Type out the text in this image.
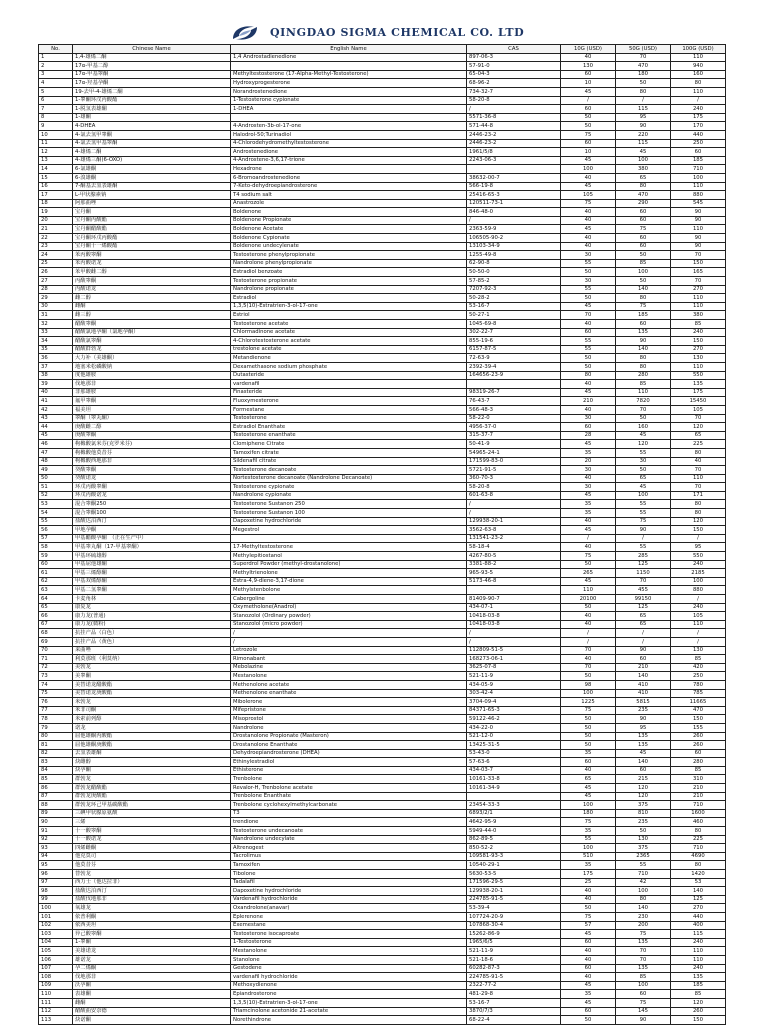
QINGDAO SIGMA CHEMICAL CO. LTD
No.	Chinese Name	English Name	CAS	10G (USD)	50G (USD)	100G (USD)
1	1,4-雄烯二酮	1,4 Androstadienedione	897-06-3	40	70	110
2	17α-甲基二醇		57-91-0	130	470	940
3	17α-甲基睾酮	Methyltestosterone (17-Alpha-Methyl-Testosterone)	65-04-3	60	180	160
4	17α-羟基孕酮	Hydroxyprogesterone	68-96-2	10	50	80
5	19-去甲-4-雄烯二酮	Norandrostenedione	734-32-7	45	80	110
6	1-睾酮环戊丙酸酯	1-Testosterone cypionate	58-20-8	/	/	/
7	1-脱氢表雄酮	1-DHEA	/	60	115	240
8	1-雄酮		5571-36-8	50	95	175
9	4-DHEA	4-Androsten-3b-ol-17-one	571-44-8	50	90	170
10	4-氯去氢甲睾酮	Halodrol-50;Turinadiol	2446-23-2	75	220	440
11	4-氯去氢甲基睾酮	4-Chlorodehydromethyltestosterone	2446-23-2	60	115	250
12	4-雄烯二酮	Androstenedione	1961/5/8	10	45	60
13	4-雄烯三酮(6-OXO)	4-Androstene-3,6,17-trione	2243-06-3	45	100	185
14	6-氯雄酮	Hexadrone		100	380	710
15	6-溴雄酮	6-Bromoandrostenedione	38632-00-7	40	65	100
16	7-酮基去氢表雄酮	7-Keto-dehydroepiandrosterone	566-19-8	45	80	110
17	L-甲状腺素钠	T4 sodium salt	25416-65-3	105	470	880
18	阿那曲唑	Anastrozole	120511-73-1	75	290	545
19	宝丹酮	Boldenone	846-48-0	40	60	90
20	宝丹酮丙酸酯	Boldenone Propionate	/	40	60	90
21	宝丹酮醋酸酯	Boldenone Acetate	2363-59-9	45	75	110
22	宝丹酮环戊丙酸酯	Boldenone Cypionate	106505-90-2	40	60	90
23	宝丹酮十一烯酸酯	Boldenone undecylenate	13103-34-9	40	60	90
24	苯丙酸睾酮	Testosterone phenylpropionate	1255-49-8	30	50	70
25	苯丙酸诺龙	Nandrolone phenylpropionate	62-90-8	55	85	150
26	苯甲酸雌二醇	Estradiol benzoate	50-50-0	50	100	165
27	丙酸睾酮	Testosterone propionate	57-85-2	30	50	70
28	丙酸诺龙	Nandrolone propionate	7207-92-3	55	140	270
29	雌二醇	Estradiol	50-28-2	50	80	110
30	雌酮	1,3,5(10)-Estratrien-3-ol-17-one	53-16-7	45	75	110
31	雌三醇	Estriol	50-27-1	70	185	380
32	醋酸睾酮	Testosterone acetate	1045-69-8	40	60	85
33	醋酸氯地孕酮（氯地孕酮）	Chlormadinone acetate	302-22-7	60	135	240
34	醋酸氯睾酮	4-Chlorotestosterone acetate	855-19-6	55	90	150
35	醋酸群勃龙	trestolone acetate	6157-87-5	55	140	270
36	大力补（美雄酮）	Metandienone	72-63-9	50	80	130
37	地塞米松磷酸钠	Dexamethasone sodium phosphate	2392-39-4	50	80	110
38	度他雄胺	Dutasteride	164656-23-9	80	280	550
39	伐地那非	vardenafil		40	85	135
40	非那雄胺	Finasteride	98319-26-7	45	110	175
41	氟甲睾酮	Fluoxymesterone	76-43-7	210	7820	15450
42	福美坦	Formestane	566-48-3	40	70	105
43	睾酮（睾丸酮）	Testosterone	58-22-0	30	50	70
44	庚酸雌二醇	Estradiol Enanthate	4956-37-0	60	160	120
45	庚酸睾酮	Testosterone enanthate	315-37-7	28	45	65
46	枸橼酸氯米芬(克罗米芬)	Clomiphene Citrate	50-41-9	45	120	225
47	枸橼酸他莫昔芬	Tamoxifen citrate	54965-24-1	35	55	80
48	枸橼酸西地那非	Sildenafil citrate	171599-83-0	20	30	40
49	癸酸睾酮	Testosterone decanoate	5721-91-5	30	50	70
50	癸酸诺龙	Nortestosterone decanoate (Nandrolone Decanoate)	360-70-3	40	65	110
51	环戊丙酸睾酮	Testosterone cypionate	58-20-8	30	45	70
52	环戊丙酸诺龙	Nandrolone cypionate	601-63-8	45	100	171
53	混合睾酮250	Testosterone Sustanon 250	/	35	55	80
54	混合睾酮100	Testosterone Sustanon 100	/	35	55	80
55	盐酸达泊西汀	Dapoxetine hydrochloride	129938-20-1	40	75	120
56	甲地孕酮	Megestrol	3562-63-8	45	90	150
57	甲基醋酸孕酮　（正在生产中）		131541-23-2	/	/	/
58	甲基睾丸酮（17-甲基睾酮）	17-Methyltestosterone	58-18-4	40	55	95
59	甲基环硫雄醇	Methylepitiostanol	4267-80-5	75	285	550
60	甲基屈他雄酮	Superdrol Powder (methyl-drostanolone)	3381-88-2	50	125	240
61	甲基三烯醇酮	Methyltrienolone	965-93-5	265	1150	2185
62	甲基双烯醇酮	Estra-4,9-diene-3,17-dione	5173-46-8	45	70	100
63	甲基二氢睾酮	Methylstenbolone		110	455	880
64	卡麦角林	Cabergoline	81409-90-7	20100	99150	/
65	康复龙	Oxymetholone(Anadrol)	434-07-1	50	125	240
66	康力龙(普通)	Stanozolol (Ordinary powder)	10418-03-8	40	65	105
67	康力龙(微粉)	Stanozolol (micro powder)	10418-03-8	40	65	110
68	抗挂产品（白色）	/	/	/	/	/
69	抗挂产品（黄色）	/	/	/	/	/
70	来曲唑	Letrozole	112809-51-5	70	90	130
71	利莫那班（利莫纳）	Rimonabant	168273-06-1	40	60	85
72	美勃龙	Mebolazine	3625-07-8	70	210	420
73	美睾酮	Mestanolone	521-11-9	50	140	250
74	美替诺龙醋酸酯	Methenolone acetate	434-05-9	98	410	780
75	美替诺龙庚酸酯	Methenolone enanthate	303-42-4	100	410	785
76	米勃龙	Mibolerone	3704-09-4	1225	5815	11665
77	米非司酮	Mifepristone	84371-65-3	75	235	470
78	米索前列醇	Misoprostol	59122-46-2	50	90	150
79	诺龙	Nandrolone	434-22-0	50	95	155
80	屈他雄酮丙酸酯	Drostanolone Propionate (Masteron)	521-12-0	50	135	260
81	屈他雄酮庚酸酯	Drostanolone Enanthate	13425-31-5	50	135	260
82	去氢表雄酮	Dehydroepiandrosterone (DHEA)	53-43-0	35	45	60
83	炔雌醇	Ethinylestradiol	57-63-6	60	140	280
84	炔孕酮	Ethisterone	434-03-7	40	60	85
85	群勃龙	Trenbolone	10161-33-8	65	215	310
86	群勃龙醋酸酯	Revalor-H, Trenbolone acetate	10161-34-9	45	120	210
87	群勃龙庚酸酯	Trenbolone Enanthate		45	120	210
88	群勃龙环己甲基碳酸酯	Trenbolone cyclohexylmethylcarbonate	23454-33-3	100	375	710
89	三碘甲状腺原氨酸	T3	6893/2/1	180	810	1600
90	三烯	trendione	4642-95-9	75	235	460
91	十一酸睾酮	Testosterone undecanoate	5949-44-0	35	50	80
92	十一酸诺龙	Nandrolone undecylate	862-89-5	55	130	225
93	四烯雌酮	Altrenogest	850-52-2	100	375	710
94	他克莫司	Tacrolimus	109581-93-3	510	2365	4690
95	他莫昔芬	Tamoxifen	10540-29-1	35	55	80
96	替勃龙	Tibolone	5630-53-5	175	710	1420
97	西力士（他达拉非）	Tadalafil	171596-29-5	25	42	53
98	盐酸达泊西汀	Dapoxetine hydrochloride	129938-20-1	40	100	140
99	盐酸伐地那非	Vardenafil hydrochloride	224785-91-5	40	80	125
100	氧雄龙	Oxandrolone(anavar)	53-39-4	50	140	270
101	依普利酮	Eplerenone	107724-20-9	75	230	440
102	依西美坦	Exemestane	107868-30-4	57	200	400
103	异己酸睾酮	Testosterone isocaproate	15262-86-9	45	75	115
104	1-睾酮	1-Testosterone	1965/6/5	60	135	240
105	美雄诺龙	Mestanolone	521-11-9	40	70	110
106	雄诺龙	Stanolone	521-18-6	40	70	110
107	孕二烯酮	Gestodene	60282-87-3	60	135	240
108	伐地那非	vardenafil hydrochloride	224785-91-5	40	85	135
109	沃孕酮	Methoxydienone	2322-77-2	45	100	185
110	表雄酮	Epiandrosterone	481-29-8	35	60	85
111	雌酮	1,3,5(10)-Estratrien-3-ol-17-one	53-16-7	45	75	120
112	醋酸曲安奈德	Triamcinolone acetonide 21-acetate	3870/7/3	60	145	260
113	炔诺酮	Norethindrone	68-22-4	50	90	150
